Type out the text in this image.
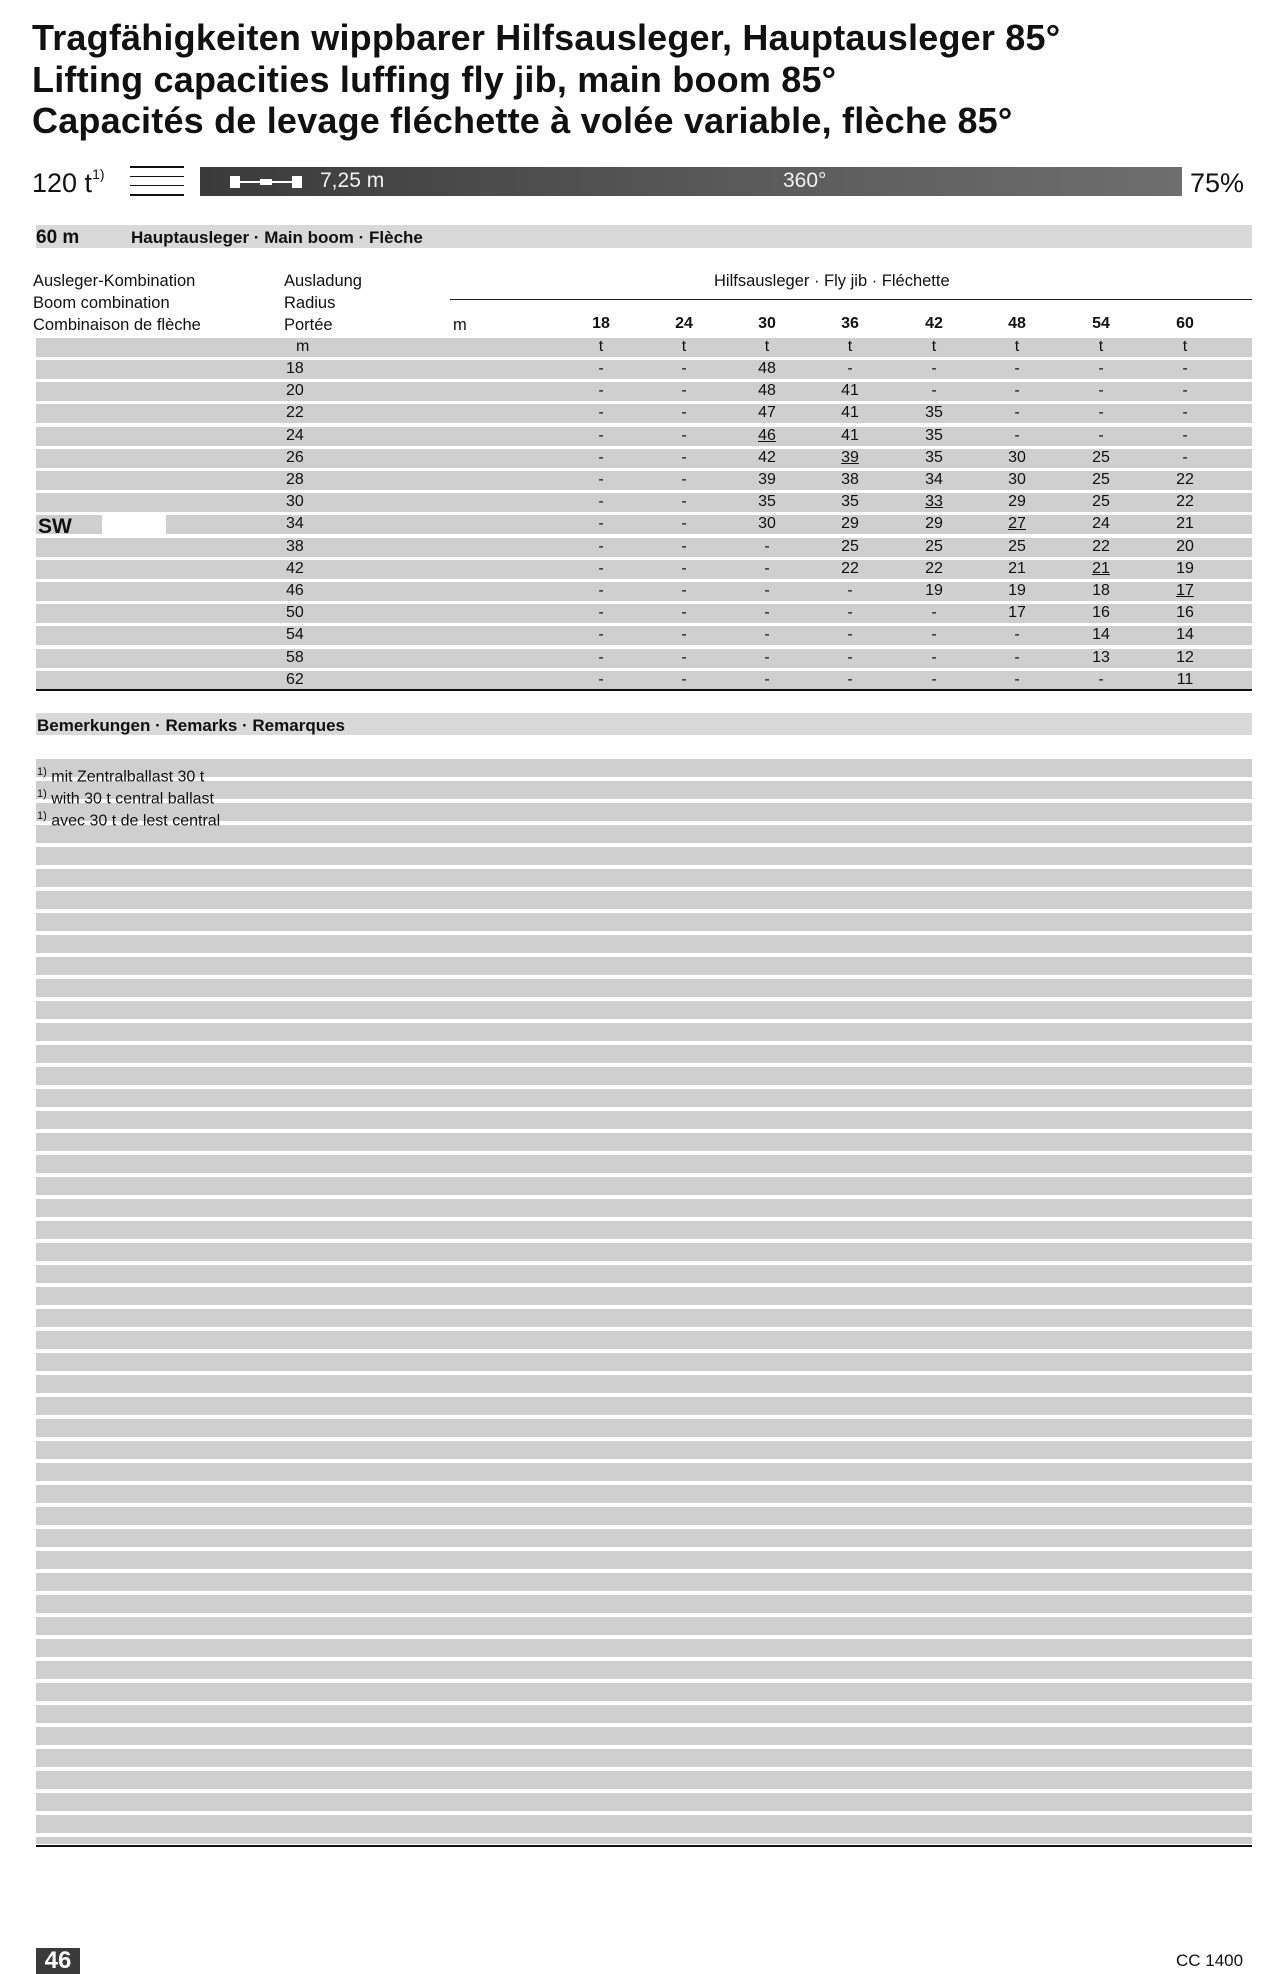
Tragfähigkeiten wippbarer Hilfsausleger, Hauptausleger 85°
Lifting capacities luffing fly jib, main boom 85°
Capacités de levage fléchette à volée variable, flèche 85°
120 $t^{1)}$	7,25 m	360°	75%
60 m	Hauptausleger · Main boom · Flèche
Ausleger-Kombination
Boom combination
Combinaison de flèche
Ausladung
Radius
Portée
Hilfsausleger · Fly jib · Fléchette
m	18	24	30	36	42	48	54	60
m	t	t	t	t	t	t	t	t
18	-	-	48	-	-	-	-	-
20	-	-	48	41	-	-	-	-
22	-	-	47	41	35	-	-	-
24	-	-	46	41	35	-	-	-
26	-	-	42	39	35	30	25	-
28	-	-	39	38	34	30	25	22
30	-	-	35	35	33	29	25	22
34	-	-	30	29	29	27	24	21
38	-	-	-	25	25	25	22	20
42	-	-	-	22	22	21	21	19
46	-	-	-	-	19	19	18	17
50	-	-	-	-	-	17	16	16
54	-	-	-	-	-	-	14	14
58	-	-	-	-	-	-	13	12
62	-	-	-	-	-	-	-	11
SW
Bemerkungen · Remarks · Remarques
$^{1)}$ mit Zentralballast 30 t
$^{1)}$ with 30 t central ballast
$^{1)}$ avec 30 t de lest central
46	CC 1400
